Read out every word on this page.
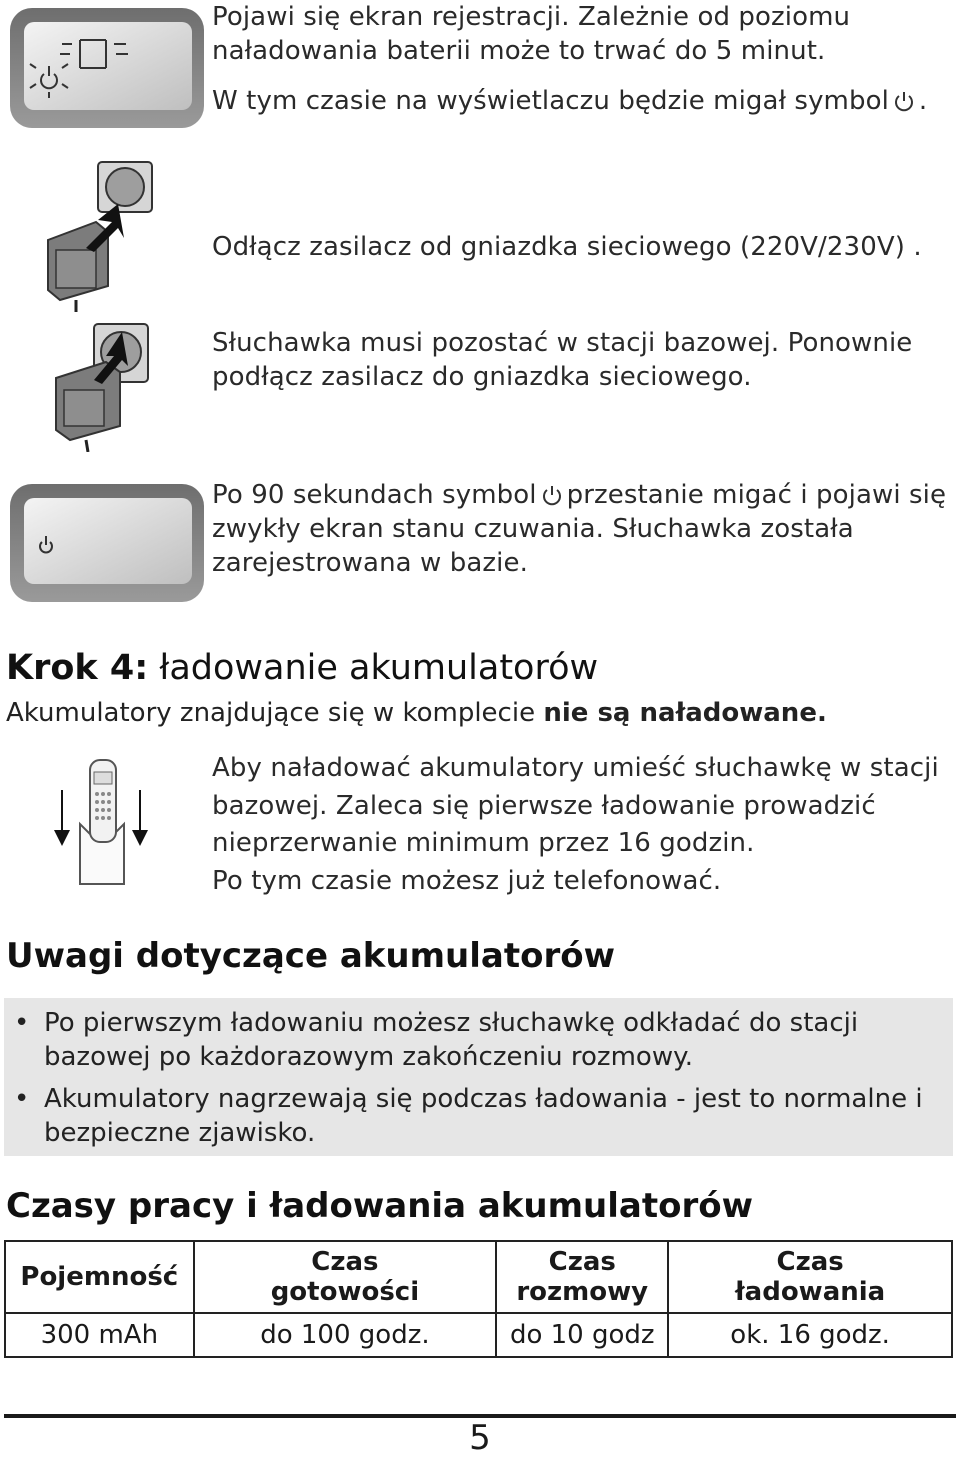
Pojawi się ekran rejestracji. Zależnie od poziomu
naładowania baterii może to trwać do 5 minut.
W tym czasie na wyświetlaczu będzie migał symbol .
Odłącz zasilacz od gniazdka sieciowego (220V/230V) .
Słuchawka musi pozostać w stacji bazowej. Ponownie
podłącz zasilacz do gniazdka sieciowego.
Po 90 sekundach symbol przestanie migać i pojawi się
zwykły ekran stanu czuwania. Słuchawka została
zarejestrowana w bazie.
Krok 4: ładowanie akumulatorów
Akumulatory znajdujące się w komplecie nie są naładowane.
Aby naładować akumulatory umieść słuchawkę w stacji
bazowej. Zaleca się pierwsze ładowanie prowadzić
nieprzerwanie minimum przez 16 godzin.
Po tym czasie możesz już telefonować.
Uwagi dotyczące akumulatorów
• Po pierwszym ładowaniu możesz słuchawkę odkładać do stacji
bazowej po każdorazowym zakończeniu rozmowy.
• Akumulatory nagrzewają się podczas ładowania - jest to normalne i
bezpieczne zjawisko.
Czasy pracy i ładowania akumulatorów
Pojemność	Czas gotowości	Czas rozmowy	Czas ładowania
300 mAh	do 100 godz.	do 10 godz	ok. 16 godz.
5
